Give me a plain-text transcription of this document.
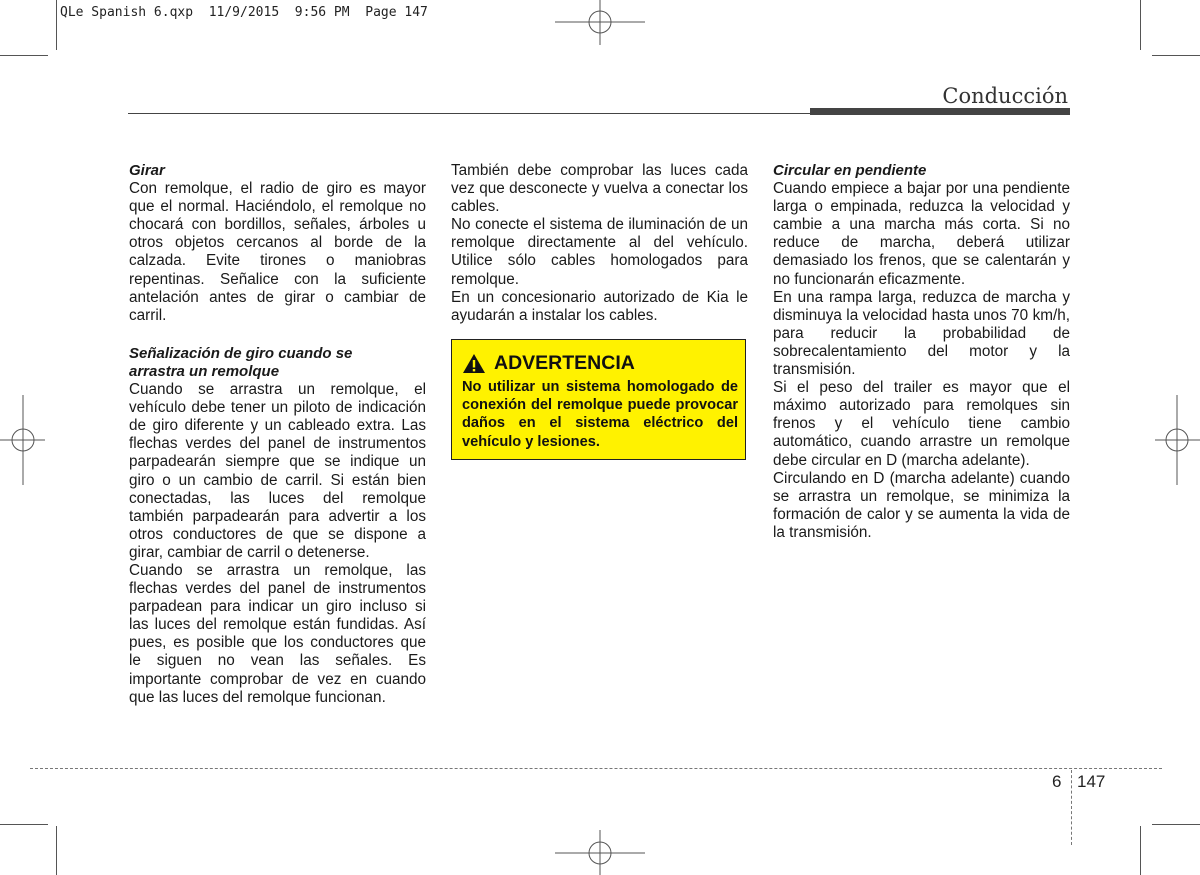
QLe Spanish 6.qxp  11/9/2015  9:56 PM  Page 147
Conducción

Girar

Con remolque, el radio de giro es mayor que el normal. Haciéndolo, el remolque no chocará con bordillos, señales, árboles u otros objetos cercanos al borde de la calzada. Evite tirones o maniobras repentinas. Señalice con la suficiente antelación antes de girar o cambiar de carril.

Señalización de giro cuando se arrastra un remolque

Cuando se arrastra un remolque, el vehículo debe tener un piloto de indicación de giro diferente y un cableado extra. Las flechas verdes del panel de instrumentos parpadearán siempre que se indique un giro o un cambio de carril. Si están bien conectadas, las luces del remolque también parpadearán para advertir a los otros conductores de que se dispone a girar, cambiar de carril o detenerse.

Cuando se arrastra un remolque, las flechas verdes del panel de instrumentos parpadean para indicar un giro incluso si las luces del remolque están fundidas. Así pues, es posible que los conductores que le siguen no vean las señales. Es importante comprobar de vez en cuando que las luces del remolque funcionan.

También debe comprobar las luces cada vez que desconecte y vuelva a conectar los cables.

No conecte el sistema de iluminación de un remolque directamente al del vehículo. Utilice sólo cables homologados para remolque.

En un concesionario autorizado de Kia le ayudarán a instalar los cables.

ADVERTENCIA
No utilizar un sistema homologado de conexión del remolque puede provocar daños en el sistema eléctrico del vehículo y lesiones.

Circular en pendiente

Cuando empiece a bajar por una pendiente larga o empinada, reduzca la velocidad y cambie a una marcha más corta. Si no reduce de marcha, deberá utilizar demasiado los frenos, que se calentarán y no funcionarán eficazmente.

En una rampa larga, reduzca de marcha y disminuya la velocidad hasta unos 70 km/h, para reducir la probabilidad de sobrecalentamiento del motor y la transmisión.

Si el peso del trailer es mayor que el máximo autorizado para remolques sin frenos y el vehículo tiene cambio automático, cuando arrastre un remolque debe circular en D (marcha adelante).

Circulando en D (marcha adelante) cuando se arrastra un remolque, se minimiza la formación de calor y se aumenta la vida de la transmisión.

6 147
